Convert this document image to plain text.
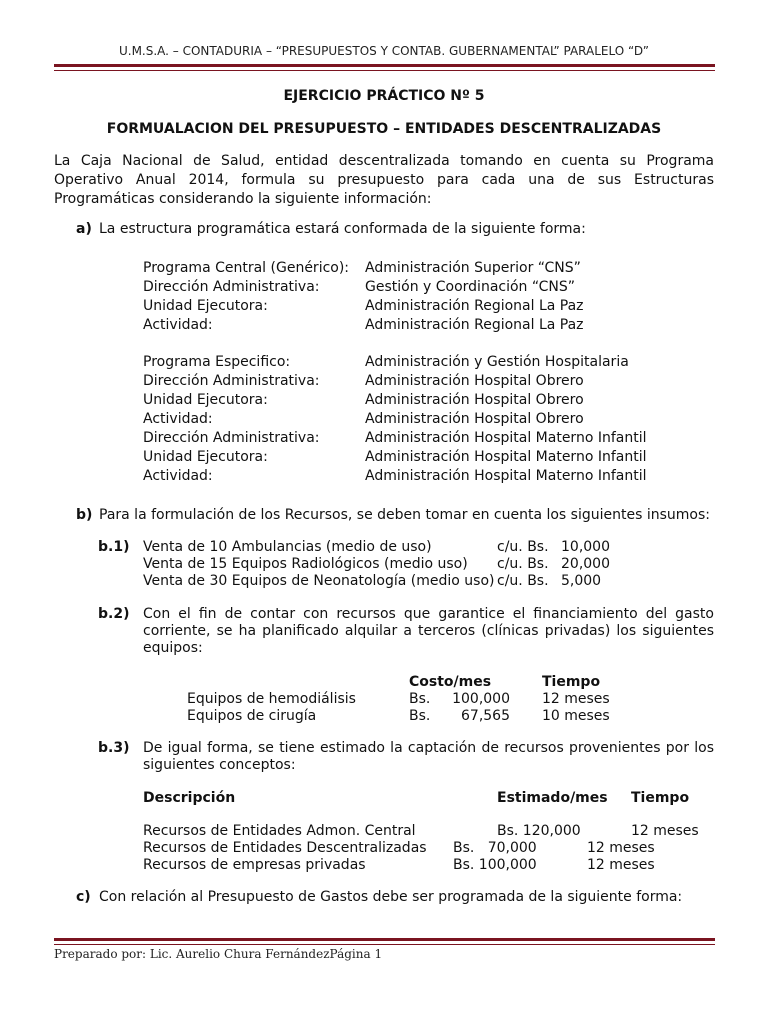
U.M.S.A. – CONTADURIA – “PRESUPUESTOS Y CONTAB. GUBERNAMENTAL” PARALELO “D”
EJERCICIO PRÁCTICO Nº 5
FORMUALACION DEL PRESUPUESTO – ENTIDADES DESCENTRALIZADAS
La Caja Nacional de Salud, entidad descentralizada tomando en cuenta su Programa Operativo Anual 2014, formula su presupuesto para cada una de sus Estructuras Programáticas considerando la siguiente información:
a) La estructura programática estará conformada de la siguiente forma:
Programa Central (Genérico): Administración Superior “CNS”
Dirección Administrativa:	Gestión y Coordinación “CNS”
Unidad Ejecutora:	Administración Regional La Paz
Actividad:	Administración Regional La Paz
Programa Especifico:	Administración y Gestión Hospitalaria
Dirección Administrativa:	Administración Hospital Obrero
Unidad Ejecutora:	Administración Hospital Obrero
Actividad:	Administración Hospital Obrero
Dirección Administrativa:	Administración Hospital Materno Infantil
Unidad Ejecutora:	Administración Hospital Materno Infantil
Actividad:	Administración Hospital Materno Infantil
b) Para la formulación de los Recursos, se deben tomar en cuenta los siguientes insumos:
b.1) Venta de 10 Ambulancias (medio de uso)	c/u. Bs. 10,000
Venta de 15 Equipos Radiológicos (medio uso) c/u. Bs. 20,000
Venta de 30 Equipos de Neonatología (medio uso) c/u. Bs. 5,000
b.2) Con el fin de contar con recursos que garantice el financiamiento del gasto corriente, se ha planificado alquilar a terceros (clínicas privadas) los siguientes equipos:
Costo/mes	Tiempo
Equipos de hemodiálisis	Bs.	100,000 12 meses
Equipos de cirugía	Bs.	67,565 10 meses
b.3) De igual forma, se tiene estimado la captación de recursos provenientes por los siguientes conceptos:
Descripción	Estimado/mes Tiempo
Recursos de Entidades Admon. Central	Bs. 120,000	12 meses
Recursos de Entidades Descentralizadas Bs.   70,000	12 meses
Recursos de empresas privadas	Bs. 100,000	12 meses
c) Con relación al Presupuesto de Gastos debe ser programada de la siguiente forma:
Preparado por: Lic. Aurelio Chura FernándezPágina 1
